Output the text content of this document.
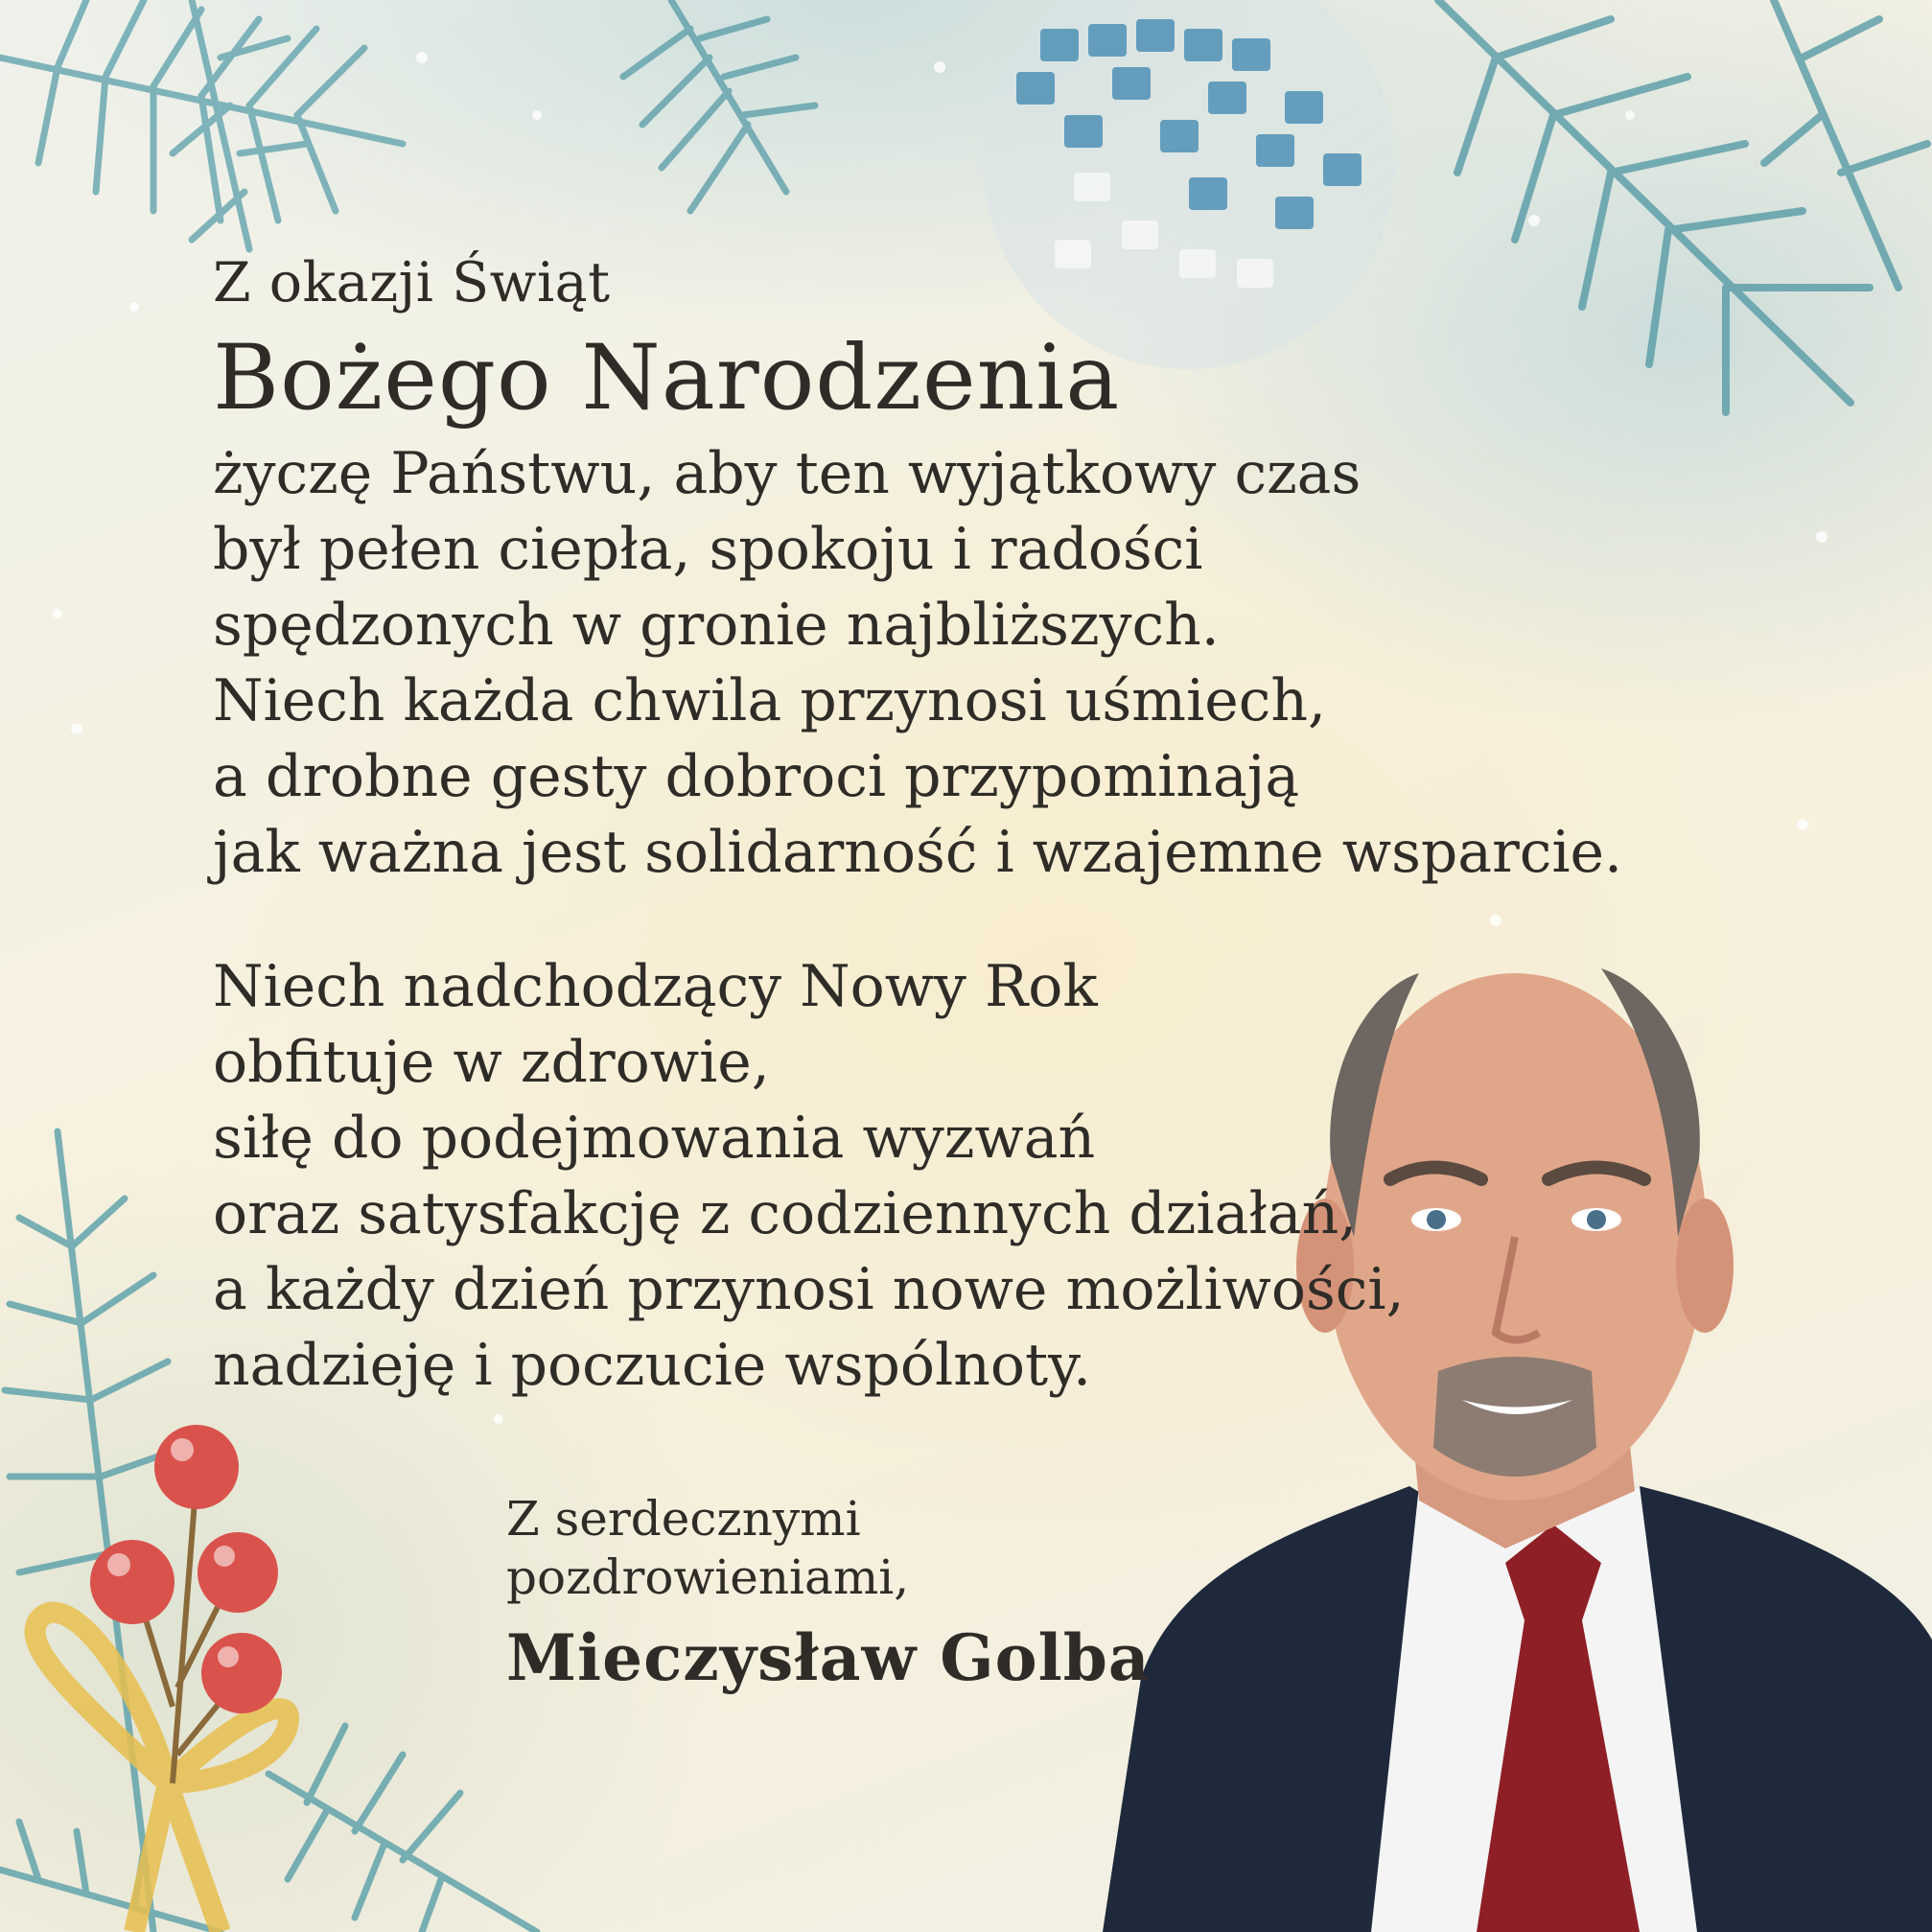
Z okazji Świąt
Bożego Narodzenia
życzę Państwu, aby ten wyjątkowy czas
był pełen ciepła, spokoju i radości
spędzonych w gronie najbliższych.
Niech każda chwila przynosi uśmiech,
a drobne gesty dobroci przypominają
jak ważna jest solidarność i wzajemne wsparcie.
Niech nadchodzący Nowy Rok
obfituje w zdrowie,
siłę do podejmowania wyzwań
oraz satysfakcję z codziennych działań,
a każdy dzień przynosi nowe możliwości,
nadzieję i poczucie wspólnoty.
Z serdecznymi
pozdrowieniami,
Mieczysław Golba
